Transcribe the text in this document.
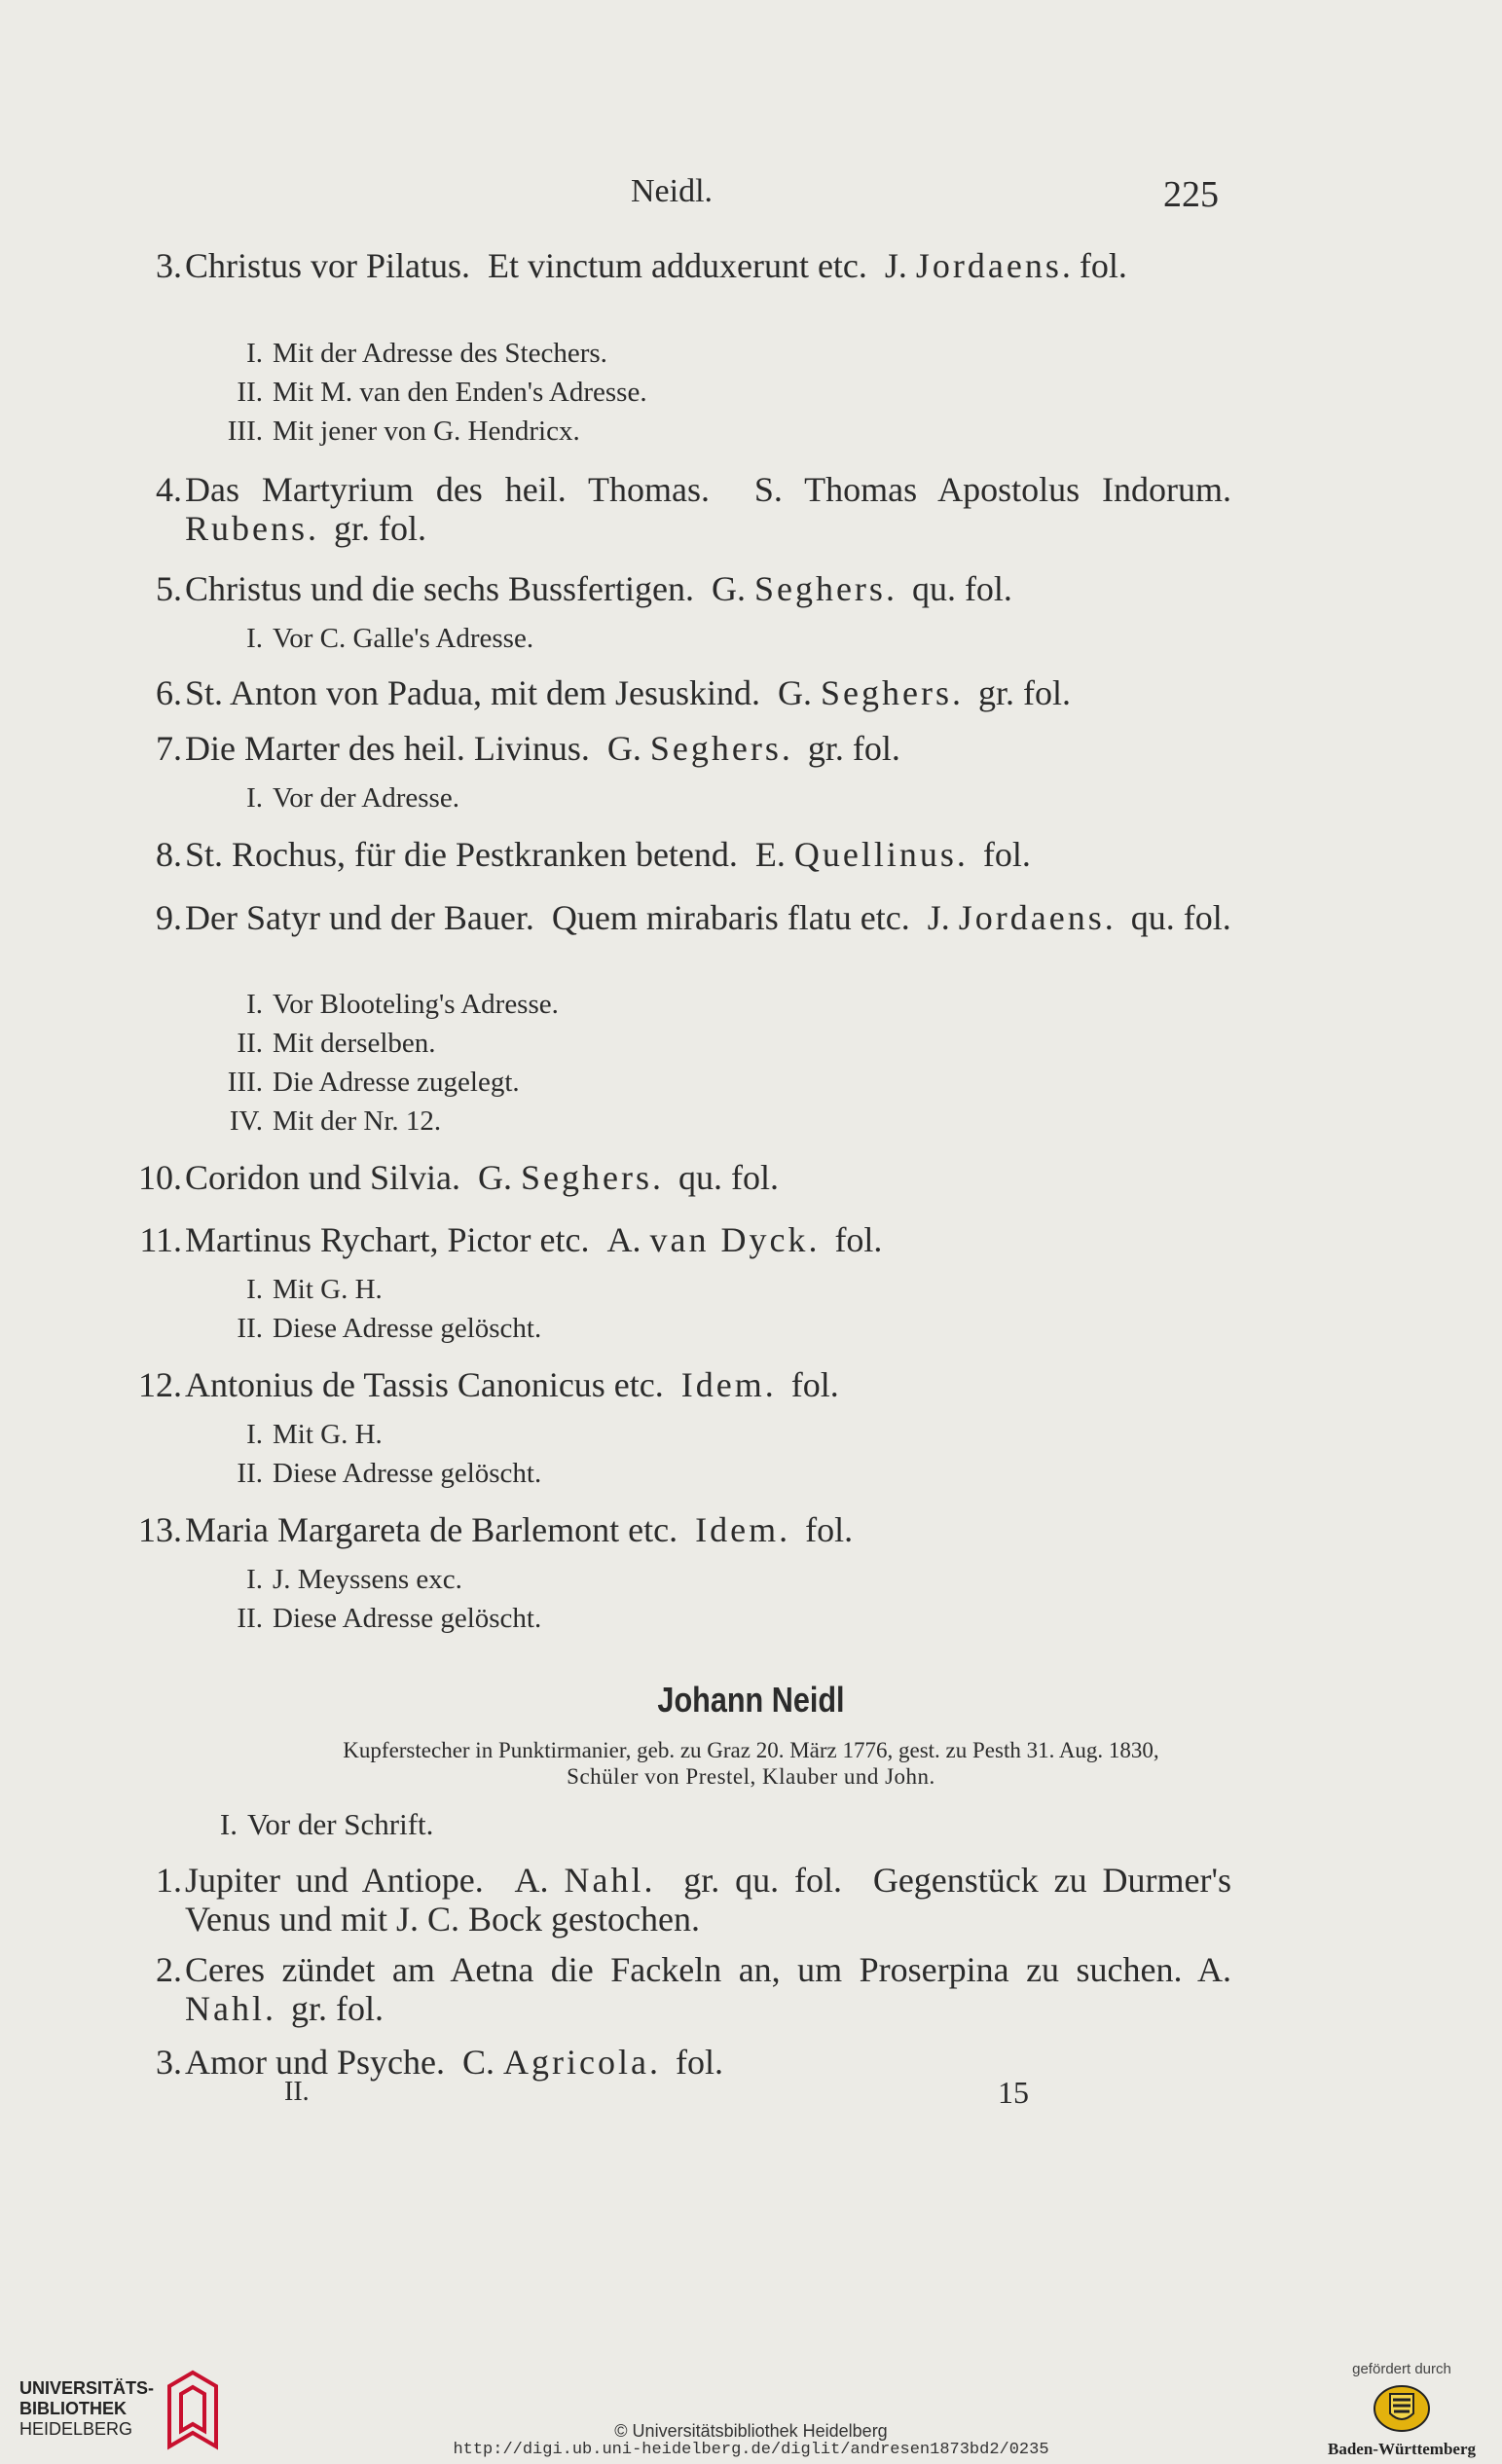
Neidl.	225
3. Christus vor Pilatus.  Et vinctum adduxerunt etc.  J. Jordaens. fol.
I. Mit der Adresse des Stechers.
II. Mit M. van den Enden's Adresse.
III. Mit jener von G. Hendricx.
4. Das Martyrium des heil. Thomas.  S. Thomas Apostolus Indorum. Rubens.  gr. fol.
5. Christus und die sechs Bussfertigen.  G. Seghers.  qu. fol.
I. Vor C. Galle's Adresse.
6. St. Anton von Padua, mit dem Jesuskind.  G. Seghers.  gr. fol.
7. Die Marter des heil. Livinus.  G. Seghers.  gr. fol.
I. Vor der Adresse.
8. St. Rochus, für die Pestkranken betend.  E. Quellinus.  fol.
9. Der Satyr und der Bauer.  Quem mirabaris flatu etc.  J. Jordaens.  qu. fol.
I. Vor Blooteling's Adresse.
II. Mit derselben.
III. Die Adresse zugelegt.
IV. Mit der Nr. 12.
10. Coridon und Silvia.  G. Seghers.  qu. fol.
11. Martinus Rychart, Pictor etc.  A. van Dyck.  fol.
I. Mit G. H.
II. Diese Adresse gelöscht.
12. Antonius de Tassis Canonicus etc.  Idem.  fol.
I. Mit G. H.
II. Diese Adresse gelöscht.
13. Maria Margareta de Barlemont etc.  Idem.  fol.
I. J. Meyssens exc.
II. Diese Adresse gelöscht.
Johann Neidl
Kupferstecher in Punktirmanier, geb. zu Graz 20. März 1776, gest. zu Pesth 31. Aug. 1830,
Schüler von Prestel, Klauber und John.
I. Vor der Schrift.
1. Jupiter und Antiope.  A. Nahl.  gr. qu. fol.  Gegenstück zu Durmer's Venus und mit J. C. Bock gestochen.
2. Ceres zündet am Aetna die Fackeln an, um Proserpina zu suchen. A. Nahl.  gr. fol.
3. Amor und Psyche.  C. Agricola.  fol.
II.	15
UNIVERSITÄTS-
BIBLIOTHEK
HEIDELBERG	© Universitätsbibliothek Heidelberg
http://digi.ub.uni-heidelberg.de/diglit/andresen1873bd2/0235
gefördert durch
Baden-Württemberg
